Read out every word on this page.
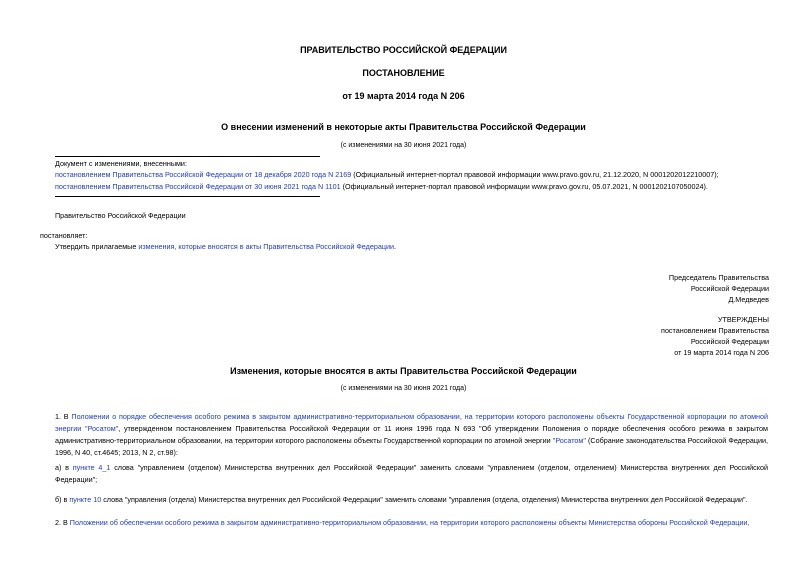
ПРАВИТЕЛЬСТВО РОССИЙСКОЙ ФЕДЕРАЦИИ
ПОСТАНОВЛЕНИЕ
от 19 марта 2014 года N 206
О внесении изменений в некоторые акты Правительства Российской Федерации
(с изменениями на 30 июня 2021 года)
Документ с изменениями, внесенными:
постановлением Правительства Российской Федерации от 18 декабря 2020 года N 2169 (Официальный интернет-портал правовой информации www.pravo.gov.ru, 21.12.2020, N 0001202012210007);
постановлением Правительства Российской Федерации от 30 июня 2021 года N 1101 (Официальный интернет-портал правовой информации www.pravo.gov.ru, 05.07.2021, N 0001202107050024).
Правительство Российской Федерации
постановляет:
Утвердить прилагаемые изменения, которые вносятся в акты Правительства Российской Федерации.
Председатель Правительства
Российской Федерации
Д.Медведев
УТВЕРЖДЕНЫ
постановлением Правительства
Российской Федерации
от 19 марта 2014 года N 206
Изменения, которые вносятся в акты Правительства Российской Федерации
(с изменениями на 30 июня 2021 года)
1. В Положении о порядке обеспечения особого режима в закрытом административно-территориальном образовании, на территории которого расположены объекты Государственной корпорации по атомной энергии "Росатом", утвержденном постановлением Правительства Российской Федерации от 11 июня 1996 года N 693 "Об утверждении Положения о порядке обеспечения особого режима в закрытом административно-территориальном образовании, на территории которого расположены объекты Государственной корпорации по атомной энергии "Росатом" (Собрание законодательства Российской Федерации, 1996, N 40, ст.4645; 2013, N 2, ст.98):
а) в пункте 4_1 слова "управлением (отделом) Министерства внутренних дел Российской Федерации" заменить словами "управлением (отделом, отделением) Министерства внутренних дел Российской Федерации";
б) в пункте 10 слова "управления (отдела) Министерства внутренних дел Российской Федерации" заменить словами "управления (отдела, отделения) Министерства внутренних дел Российской Федерации".
2. В Положении об обеспечении особого режима в закрытом административно-территориальном образовании, на территории которого расположены объекты Министерства обороны Российской Федерации,
